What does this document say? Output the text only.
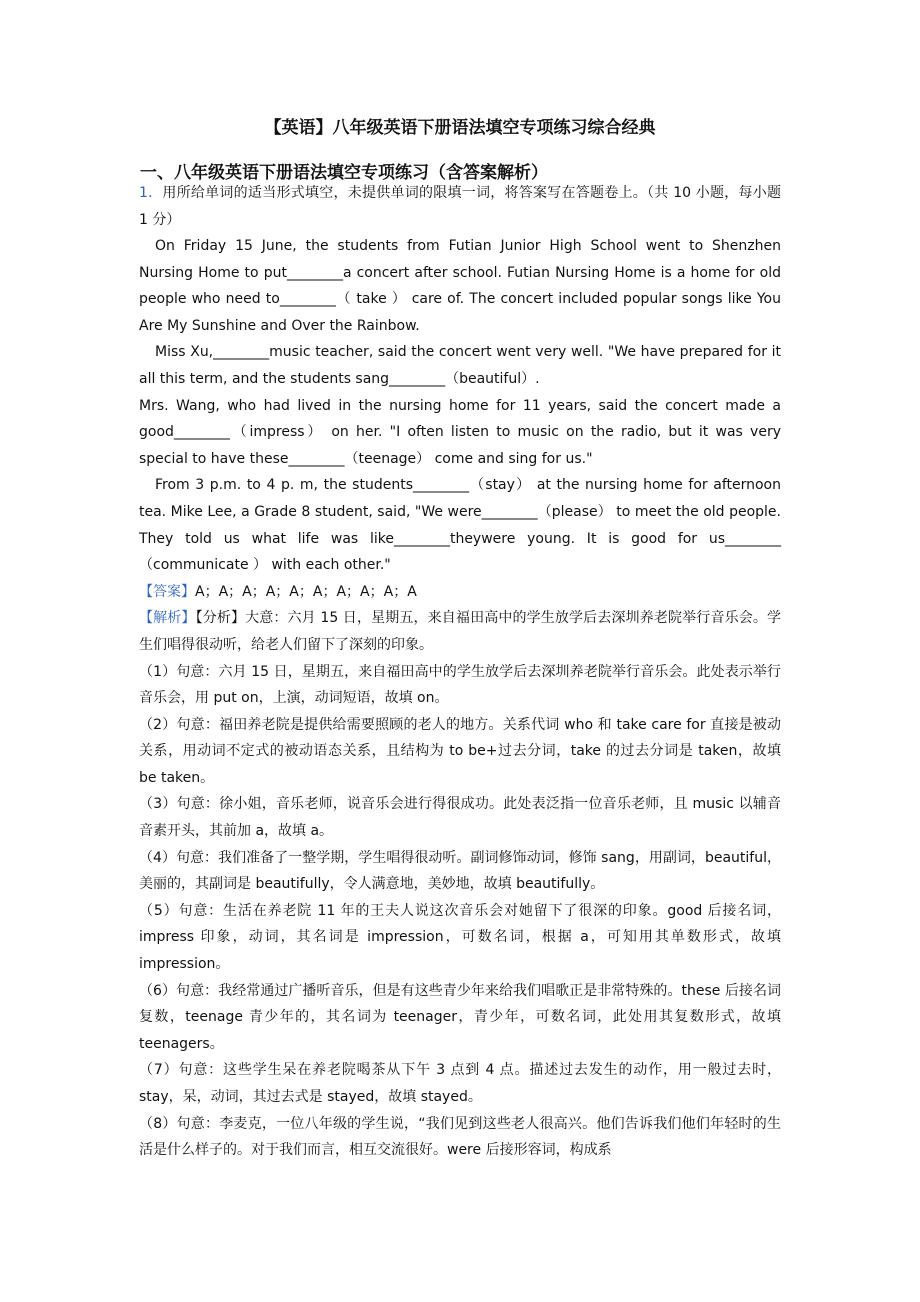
【英语】八年级英语下册语法填空专项练习综合经典
一、八年级英语下册语法填空专项练习（含答案解析）

1．用所给单词的适当形式填空，未提供单词的限填一词，将答案写在答题卷上。（共 10 小题，每小题 1 分）

On Friday 15 June, the students from Futian Junior High School went to Shenzhen Nursing Home to put________a concert after school. Futian Nursing Home is a home for old people who need to________（ take ） care of. The concert included popular songs like You Are My Sunshine and Over the Rainbow.

Miss Xu,________music teacher, said the concert went very well. "We have prepared for it all this term, and the students sang________（beautiful）.

Mrs. Wang, who had lived in the nursing home for 11 years, said the concert made a good________（impress） on her. "I often listen to music on the radio, but it was very special to have these________（teenage） come and sing for us."

From 3 p.m. to 4 p. m, the students________（stay） at the nursing home for afternoon tea. Mike Lee, a Grade 8 student, said, "We were________（please） to meet the old people. They told us what life was like________theywere young. It is good for us________（communicate ） with each other."

【答案】A；A；A；A；A；A；A；A；A；A

【解析】【分析】大意：六月 15 日，星期五，来自福田高中的学生放学后去深圳养老院举行音乐会。学生们唱得很动听，给老人们留下了深刻的印象。

（1）句意：六月 15 日，星期五，来自福田高中的学生放学后去深圳养老院举行音乐会。此处表示举行音乐会，用 put on，上演，动词短语，故填 on。

（2）句意：福田养老院是提供给需要照顾的老人的地方。关系代词 who 和 take care for 直接是被动关系，用动词不定式的被动语态关系，且结构为 to be+过去分词，take 的过去分词是 taken，故填 be taken。

（3）句意：徐小姐，音乐老师，说音乐会进行得很成功。此处表泛指一位音乐老师，且 music 以辅音音素开头，其前加 a，故填 a。

（4）句意：我们准备了一整学期，学生唱得很动听。副词修饰动词，修饰 sang，用副词，beautiful，美丽的，其副词是 beautifully，令人满意地，美妙地，故填 beautifully。

（5）句意：生活在养老院 11 年的王夫人说这次音乐会对她留下了很深的印象。good 后接名词，impress 印象，动词，其名词是 impression，可数名词，根据 a，可知用其单数形式，故填 impression。

（6）句意：我经常通过广播听音乐，但是有这些青少年来给我们唱歌正是非常特殊的。these 后接名词复数，teenage 青少年的，其名词为 teenager，青少年，可数名词，此处用其复数形式，故填 teenagers。

（7）句意：这些学生呆在养老院喝茶从下午 3 点到 4 点。描述过去发生的动作，用一般过去时，stay，呆，动词，其过去式是 stayed，故填 stayed。

（8）句意：李麦克，一位八年级的学生说，“我们见到这些老人很高兴。他们告诉我们他们年轻时的生活是什么样子的。对于我们而言，相互交流很好。were 后接形容词，构成系
